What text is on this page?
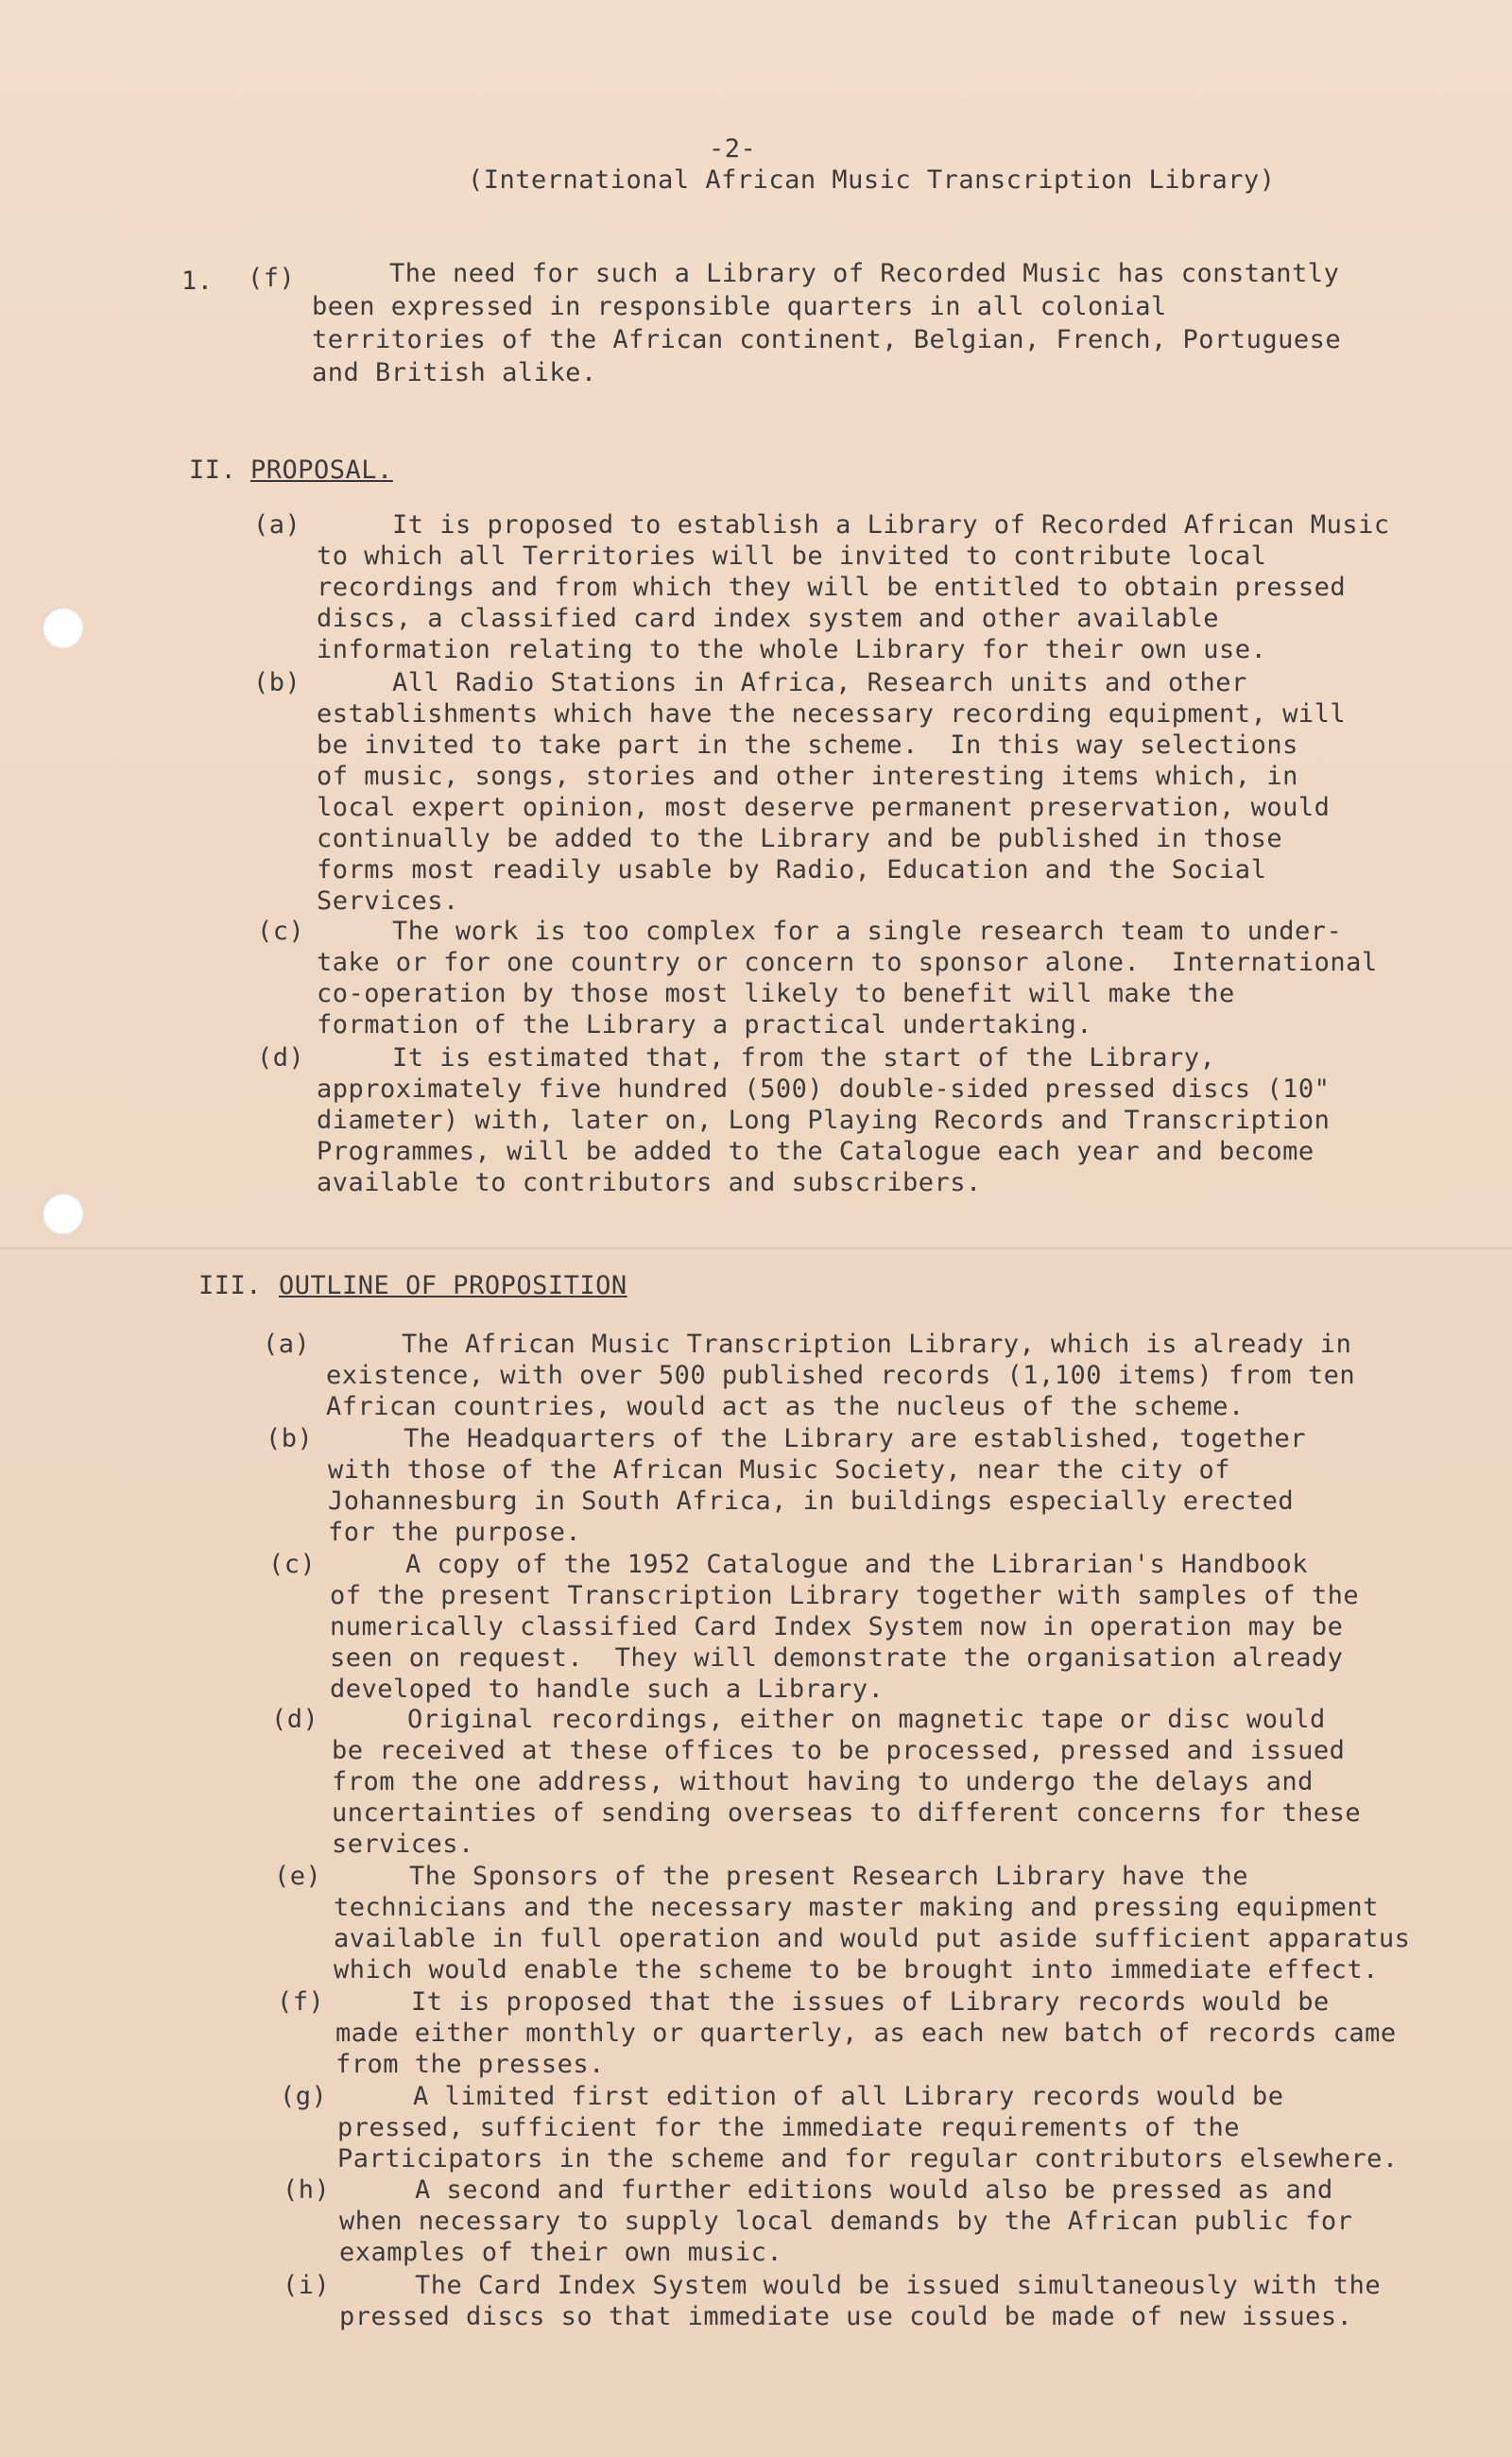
-2-
(International African Music Transcription Library)
1. (f)	The need for such a Library of Recorded Music has constantly
been expressed in responsible quarters in all colonial
territories of the African continent, Belgian, French, Portuguese
and British alike.
II. PROPOSAL.
(a)	It is proposed to establish a Library of Recorded African Music
to which all Territories will be invited to contribute local
recordings and from which they will be entitled to obtain pressed
discs, a classified card index system and other available
information relating to the whole Library for their own use.
(b)	All Radio Stations in Africa, Research units and other
establishments which have the necessary recording equipment, will
be invited to take part in the scheme.  In this way selections
of music, songs, stories and other interesting items which, in
local expert opinion, most deserve permanent preservation, would
continually be added to the Library and be published in those
forms most readily usable by Radio, Education and the Social
Services.
(c)	The work is too complex for a single research team to under-
take or for one country or concern to sponsor alone.  International
co-operation by those most likely to benefit will make the
formation of the Library a practical undertaking.
(d)	It is estimated that, from the start of the Library,
approximately five hundred (500) double-sided pressed discs (10"
diameter) with, later on, Long Playing Records and Transcription
Programmes, will be added to the Catalogue each year and become
available to contributors and subscribers.
III. OUTLINE OF PROPOSITION
(a)	The African Music Transcription Library, which is already in
existence, with over 500 published records (1,100 items) from ten
African countries, would act as the nucleus of the scheme.
(b)	The Headquarters of the Library are established, together
with those of the African Music Society, near the city of
Johannesburg in South Africa, in buildings especially erected
for the purpose.
(c)	A copy of the 1952 Catalogue and the Librarian's Handbook
of the present Transcription Library together with samples of the
numerically classified Card Index System now in operation may be
seen on request.  They will demonstrate the organisation already
developed to handle such a Library.
(d)	Original recordings, either on magnetic tape or disc would
be received at these offices to be processed, pressed and issued
from the one address, without having to undergo the delays and
uncertainties of sending overseas to different concerns for these
services.
(e)	The Sponsors of the present Research Library have the
technicians and the necessary master making and pressing equipment
available in full operation and would put aside sufficient apparatus
which would enable the scheme to be brought into immediate effect.
(f)	It is proposed that the issues of Library records would be
made either monthly or quarterly, as each new batch of records came
from the presses.
(g)	A limited first edition of all Library records would be
pressed, sufficient for the immediate requirements of the
Participators in the scheme and for regular contributors elsewhere.
(h)	A second and further editions would also be pressed as and
when necessary to supply local demands by the African public for
examples of their own music.
(i)	The Card Index System would be issued simultaneously with the
pressed discs so that immediate use could be made of new issues.
